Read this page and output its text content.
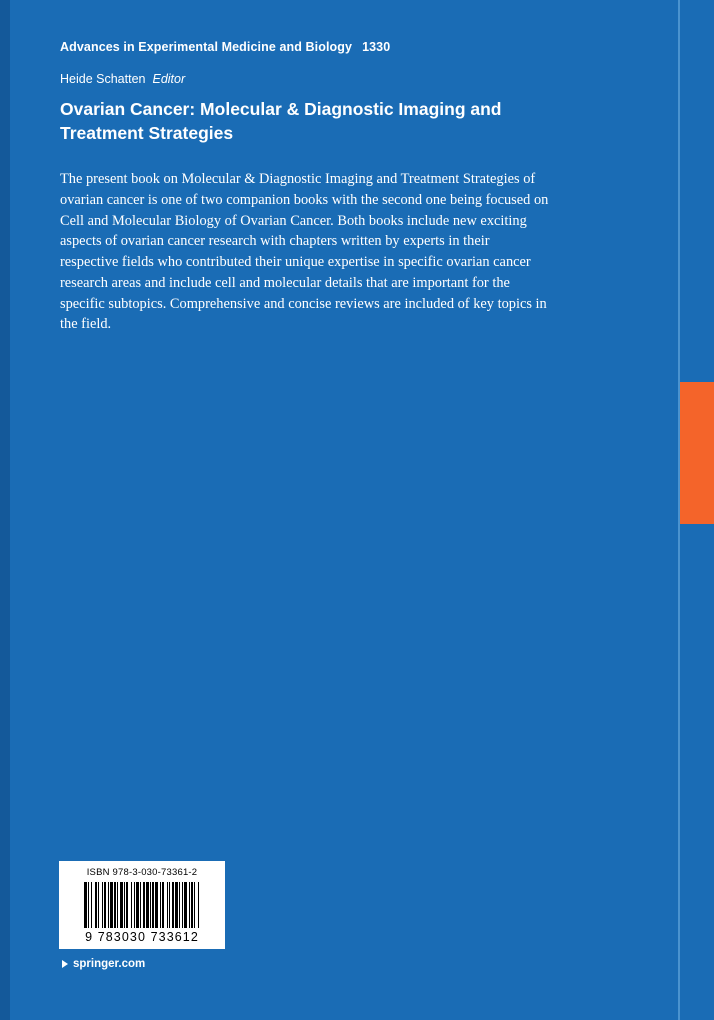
Advances in Experimental Medicine and Biology 1330

Heide Schatten Editor

Ovarian Cancer: Molecular & Diagnostic Imaging and Treatment Strategies

The present book on Molecular & Diagnostic Imaging and Treatment Strategies of ovarian cancer is one of two companion books with the second one being focused on Cell and Molecular Biology of Ovarian Cancer. Both books include new exciting aspects of ovarian cancer research with chapters written by experts in their respective fields who contributed their unique expertise in specific ovarian cancer research areas and include cell and molecular details that are important for the specific subtopics. Comprehensive and concise reviews are included of key topics in the field.

ISBN 978-3-030-73361-2
9 783030 733612
springer.com
